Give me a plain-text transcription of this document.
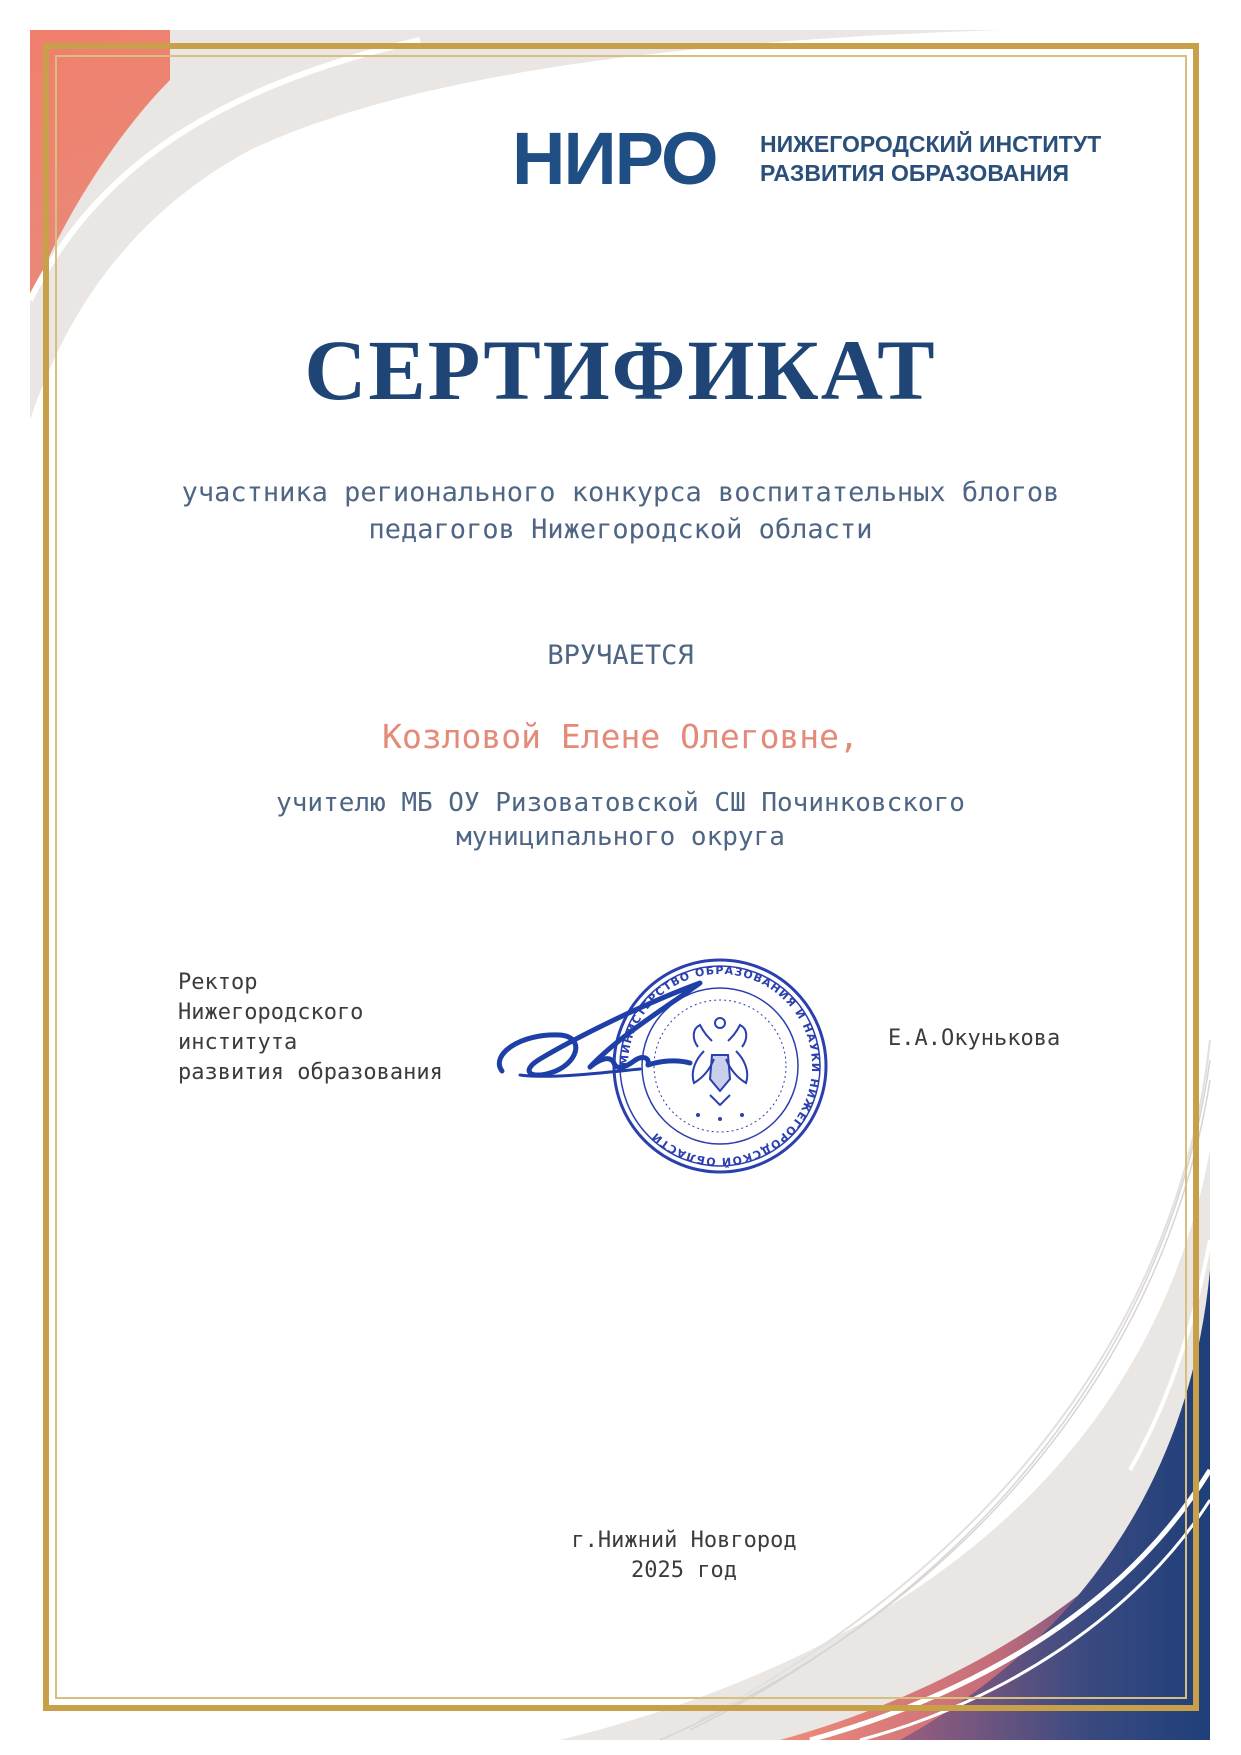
НИРО НИЖЕГОРОДСКИЙ ИНСТИТУТ
РАЗВИТИЯ ОБРАЗОВАНИЯ
СЕРТИФИКАТ
участника регионального конкурса воспитательных блогов
педагогов Нижегородской области
ВРУЧАЕТСЯ
Козловой Елене Олеговне,
учителю МБ ОУ Ризоватовской СШ Починковского
муниципального округа
Ректор
Нижегородского
института
развития образования
МИНИСТЕРСТВО ОБРАЗОВАНИЯ И НАУКИ НИЖЕГОРОДСКОЙ ОБЛАСТИ
Е.А.Окунькова
г.Нижний Новгород
2025 год
